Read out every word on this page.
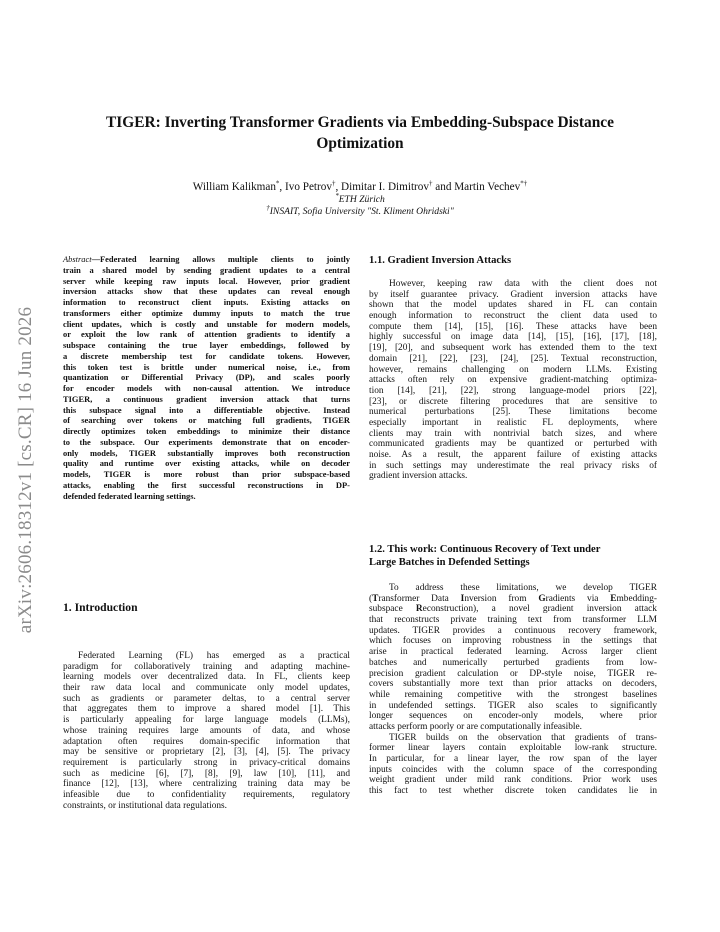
arXiv:2606.18312v1 [cs.CR] 16 Jun 2026
TIGER: Inverting Transformer Gradients via Embedding-Subspace Distance
Optimization
William Kalikman*, Ivo Petrov†, Dimitar I. Dimitrov† and Martin Vechev*†
*ETH Zürich
†INSAIT, Sofia University "St. Kliment Ohridski"
Abstract—Federated learning allows multiple clients to jointly
train a shared model by sending gradient updates to a central
server while keeping raw inputs local. However, prior gradient
inversion attacks show that these updates can reveal enough
information to reconstruct client inputs. Existing attacks on
transformers either optimize dummy inputs to match the true
client updates, which is costly and unstable for modern models,
or exploit the low rank of attention gradients to identify a
subspace containing the true layer embeddings, followed by
a discrete membership test for candidate tokens. However,
this token test is brittle under numerical noise, i.e., from
quantization or Differential Privacy (DP), and scales poorly
for encoder models with non-causal attention. We introduce
TIGER, a continuous gradient inversion attack that turns
this subspace signal into a differentiable objective. Instead
of searching over tokens or matching full gradients, TIGER
directly optimizes token embeddings to minimize their distance
to the subspace. Our experiments demonstrate that on encoder-
only models, TIGER substantially improves both reconstruction
quality and runtime over existing attacks, while on decoder
models, TIGER is more robust than prior subspace-based
attacks, enabling the first successful reconstructions in DP-
defended federated learning settings.
1. Introduction
Federated Learning (FL) has emerged as a practical
paradigm for collaboratively training and adapting machine-
learning models over decentralized data. In FL, clients keep
their raw data local and communicate only model updates,
such as gradients or parameter deltas, to a central server
that aggregates them to improve a shared model [1]. This
is particularly appealing for large language models (LLMs),
whose training requires large amounts of data, and whose
adaptation often requires domain-specific information that
may be sensitive or proprietary [2], [3], [4], [5]. The privacy
requirement is particularly strong in privacy-critical domains
such as medicine [6], [7], [8], [9], law [10], [11], and
finance [12], [13], where centralizing training data may be
infeasible due to confidentiality requirements, regulatory
constraints, or institutional data regulations.
1.1. Gradient Inversion Attacks
However, keeping raw data with the client does not
by itself guarantee privacy. Gradient inversion attacks have
shown that the model updates shared in FL can contain
enough information to reconstruct the client data used to
compute them [14], [15], [16]. These attacks have been
highly successful on image data [14], [15], [16], [17], [18],
[19], [20], and subsequent work has extended them to the text
domain [21], [22], [23], [24], [25]. Textual reconstruction,
however, remains challenging on modern LLMs. Existing
attacks often rely on expensive gradient-matching optimiza-
tion [14], [21], [22], strong language-model priors [22],
[23], or discrete filtering procedures that are sensitive to
numerical perturbations [25]. These limitations become
especially important in realistic FL deployments, where
clients may train with nontrivial batch sizes, and where
communicated gradients may be quantized or perturbed with
noise. As a result, the apparent failure of existing attacks
in such settings may underestimate the real privacy risks of
gradient inversion attacks.
1.2. This work: Continuous Recovery of Text under
Large Batches in Defended Settings
To address these limitations, we develop TIGER
(Transformer Data Inversion from Gradients via Embedding-
subspace Reconstruction), a novel gradient inversion attack
that reconstructs private training text from transformer LLM
updates. TIGER provides a continuous recovery framework,
which focuses on improving robustness in the settings that
arise in practical federated learning. Across larger client
batches and numerically perturbed gradients from low-
precision gradient calculation or DP-style noise, TIGER re-
covers substantially more text than prior attacks on decoders,
while remaining competitive with the strongest baselines
in undefended settings. TIGER also scales to significantly
longer sequences on encoder-only models, where prior
attacks perform poorly or are computationally infeasible.
TIGER builds on the observation that gradients of trans-
former linear layers contain exploitable low-rank structure.
In particular, for a linear layer, the row span of the layer
inputs coincides with the column space of the corresponding
weight gradient under mild rank conditions. Prior work uses
this fact to test whether discrete token candidates lie in
